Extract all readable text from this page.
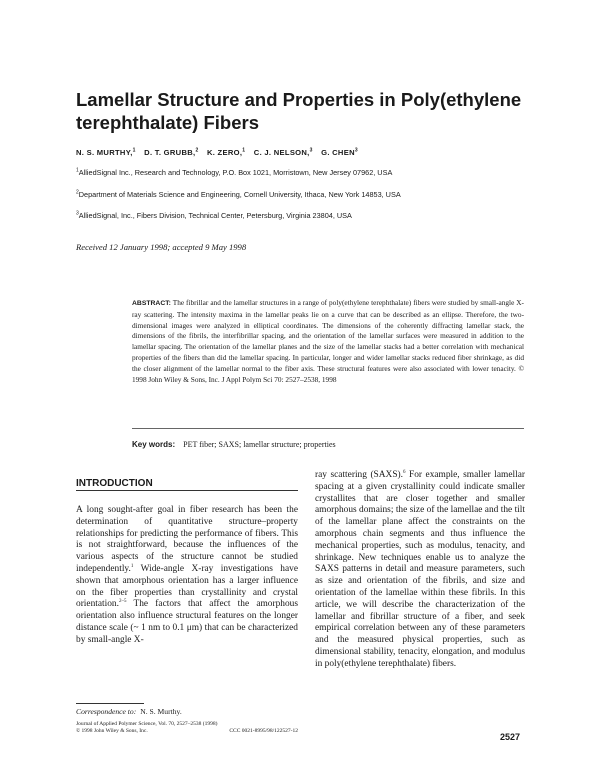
Lamellar Structure and Properties in Poly(ethylene terephthalate) Fibers
N. S. MURTHY,$^1$ D. T. GRUBB,$^2$ K. ZERO,$^1$ C. J. NELSON,$^3$ G. CHEN$^3$
$^1$AlliedSignal Inc., Research and Technology, P.O. Box 1021, Morristown, New Jersey 07962, USA
$^2$Department of Materials Science and Engineering, Cornell University, Ithaca, New York 14853, USA
$^3$AlliedSignal, Inc., Fibers Division, Technical Center, Petersburg, Virginia 23804, USA
Received 12 January 1998; accepted 9 May 1998
ABSTRACT: The fibrillar and the lamellar structures in a range of poly(ethylene terephthalate) fibers were studied by small-angle X-ray scattering. The intensity maxima in the lamellar peaks lie on a curve that can be described as an ellipse. Therefore, the two-dimensional images were analyzed in elliptical coordinates. The dimensions of the coherently diffracting lamellar stack, the dimensions of the fibrils, the interfibrillar spacing, and the orientation of the lamellar surfaces were measured in addition to the lamellar spacing. The orientation of the lamellar planes and the size of the lamellar stacks had a better correlation with mechanical properties of the fibers than did the lamellar spacing. In particular, longer and wider lamellar stacks reduced fiber shrinkage, as did the closer alignment of the lamellar normal to the fiber axis. These structural features were also associated with lower tenacity. © 1998 John Wiley & Sons, Inc. J Appl Polym Sci 70: 2527–2538, 1998
Key words: PET fiber; SAXS; lamellar structure; properties
INTRODUCTION
A long sought-after goal in fiber research has been the determination of quantitative structure–property relationships for predicting the performance of fibers. This is not straightforward, because the influences of the various aspects of the structure cannot be studied independently.$^1$ Wide-angle X-ray investigations have shown that amorphous orientation has a larger influence on the fiber properties than crystallinity and crystal orientation.$^{2-5}$ The factors that affect the amorphous orientation also influence structural features on the longer distance scale (~ 1 nm to 0.1 μm) that can be characterized by small-angle X-
ray scattering (SAXS).$^6$ For example, smaller lamellar spacing at a given crystallinity could indicate smaller crystallites that are closer together and smaller amorphous domains; the size of the lamellae and the tilt of the lamellar plane affect the constraints on the amorphous chain segments and thus influence the mechanical properties, such as modulus, tenacity, and shrinkage. New techniques enable us to analyze the SAXS patterns in detail and measure parameters, such as size and orientation of the fibrils, and size and orientation of the lamellae within these fibrils. In this article, we will describe the characterization of the lamellar and fibrillar structure of a fiber, and seek empirical correlation between any of these parameters and the measured physical properties, such as dimensional stability, tenacity, elongation, and modulus in poly(ethylene terephthalate) fibers.
Correspondence to: N. S. Murthy.
Journal of Applied Polymer Science, Vol. 70, 2527–2538 (1998)
© 1998 John Wiley & Sons, Inc.	CCC 0021-8995/98/122527-12
2527
